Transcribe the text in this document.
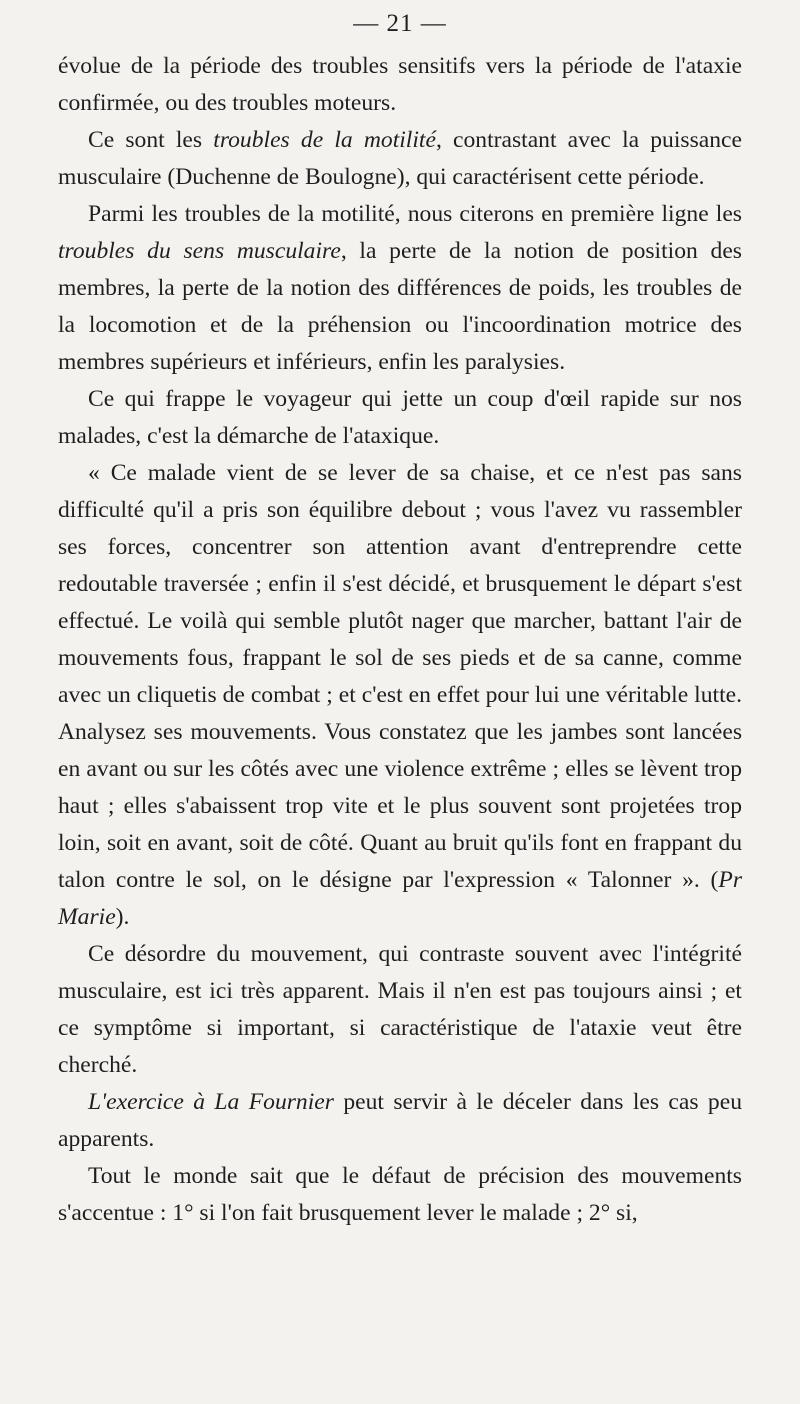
— 21 —

évolue de la période des troubles sensitifs vers la période de l'ataxie confirmée, ou des troubles moteurs.

Ce sont les troubles de la motilité, contrastant avec la puissance musculaire (Duchenne de Boulogne), qui caractérisent cette période.

Parmi les troubles de la motilité, nous citerons en première ligne les troubles du sens musculaire, la perte de la notion de position des membres, la perte de la notion des différences de poids, les troubles de la locomotion et de la préhension ou l'incoordination motrice des membres supérieurs et inférieurs, enfin les paralysies.

Ce qui frappe le voyageur qui jette un coup d'œil rapide sur nos malades, c'est la démarche de l'ataxique.

« Ce malade vient de se lever de sa chaise, et ce n'est pas sans difficulté qu'il a pris son équilibre debout ; vous l'avez vu rassembler ses forces, concentrer son attention avant d'entreprendre cette redoutable traversée ; enfin il s'est décidé, et brusquement le départ s'est effectué. Le voilà qui semble plutôt nager que marcher, battant l'air de mouvements fous, frappant le sol de ses pieds et de sa canne, comme avec un cliquetis de combat ; et c'est en effet pour lui une véritable lutte. Analysez ses mouvements. Vous constatez que les jambes sont lancées en avant ou sur les côtés avec une violence extrême ; elles se lèvent trop haut ; elles s'abaissent trop vite et le plus souvent sont projetées trop loin, soit en avant, soit de côté. Quant au bruit qu'ils font en frappant du talon contre le sol, on le désigne par l'expression « Talonner ». (Pr Marie).

Ce désordre du mouvement, qui contraste souvent avec l'intégrité musculaire, est ici très apparent. Mais il n'en est pas toujours ainsi ; et ce symptôme si important, si caractéristique de l'ataxie veut être cherché.

L'exercice à La Fournier peut servir à le déceler dans les cas peu apparents.

Tout le monde sait que le défaut de précision des mouvements s'accentue : 1° si l'on fait brusquement lever le malade ; 2° si,
